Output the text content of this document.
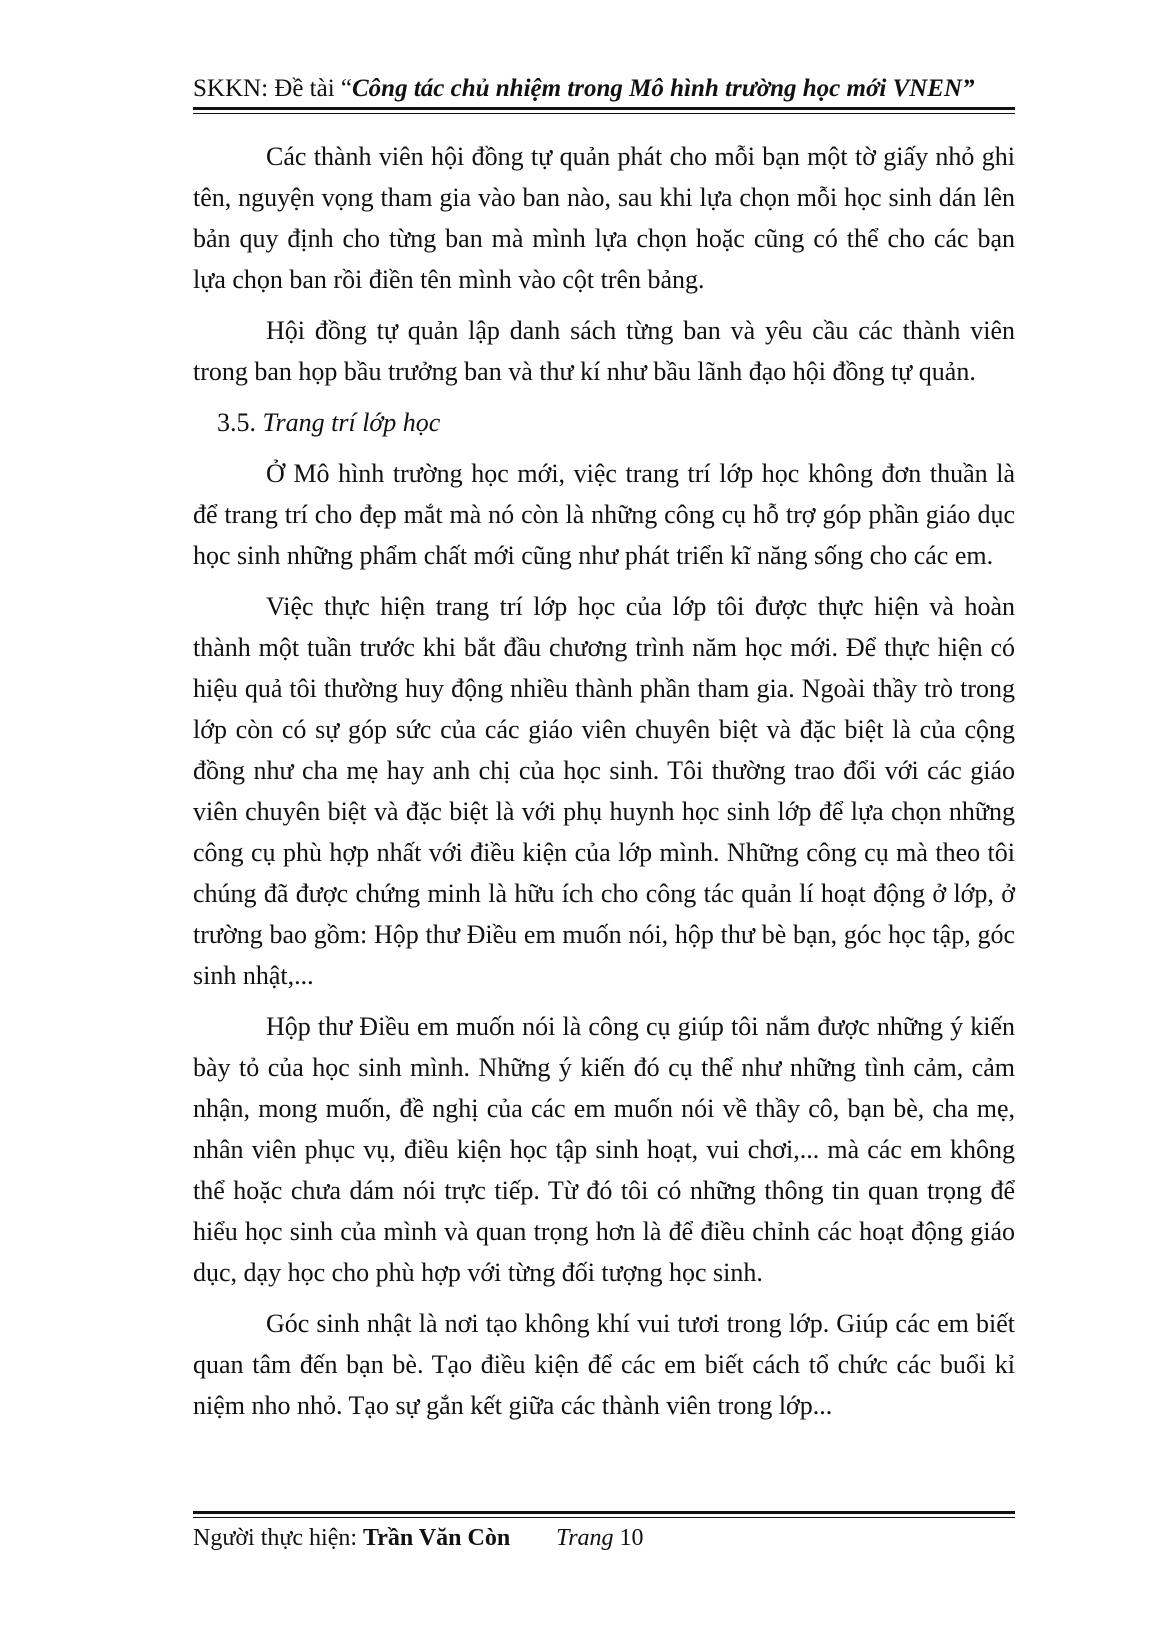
SKKN: Đề tài “Công tác chủ nhiệm trong Mô hình trường học mới VNEN”

Các thành viên hội đồng tự quản phát cho mỗi bạn một tờ giấy nhỏ ghi tên, nguyện vọng tham gia vào ban nào, sau khi lựa chọn mỗi học sinh dán lên bản quy định cho từng ban mà mình lựa chọn hoặc cũng có thể cho các bạn lựa chọn ban rồi điền tên mình vào cột trên bảng.

Hội đồng tự quản lập danh sách từng ban và yêu cầu các thành viên trong ban họp bầu trưởng ban và thư kí như bầu lãnh đạo hội đồng tự quản.

3.5. Trang trí lớp học

Ở Mô hình trường học mới, việc trang trí lớp học không đơn thuần là để trang trí cho đẹp mắt mà nó còn là những công cụ hỗ trợ góp phần giáo dục học sinh những phẩm chất mới cũng như phát triển kĩ năng sống cho các em.

Việc thực hiện trang trí lớp học của lớp tôi được thực hiện và hoàn thành một tuần trước khi bắt đầu chương trình năm học mới. Để thực hiện có hiệu quả tôi thường huy động nhiều thành phần tham gia. Ngoài thầy trò trong lớp còn có sự góp sức của các giáo viên chuyên biệt và đặc biệt là của cộng đồng như cha mẹ hay anh chị của học sinh. Tôi thường trao đổi với các giáo viên chuyên biệt và đặc biệt là với phụ huynh học sinh lớp để lựa chọn những công cụ phù hợp nhất với điều kiện của lớp mình. Những công cụ mà theo tôi chúng đã được chứng minh là hữu ích cho công tác quản lí hoạt động ở lớp, ở trường bao gồm: Hộp thư Điều em muốn nói, hộp thư bè bạn, góc học tập, góc sinh nhật,...

Hộp thư Điều em muốn nói là công cụ giúp tôi nắm được những ý kiến bày tỏ của học sinh mình. Những ý kiến đó cụ thể như những tình cảm, cảm nhận, mong muốn, đề nghị của các em muốn nói về thầy cô, bạn bè, cha mẹ, nhân viên phục vụ, điều kiện học tập sinh hoạt, vui chơi,... mà các em không thể hoặc chưa dám nói trực tiếp. Từ đó tôi có những thông tin quan trọng để hiểu học sinh của mình và quan trọng hơn là để điều chỉnh các hoạt động giáo dục, dạy học cho phù hợp với từng đối tượng học sinh.

Góc sinh nhật là nơi tạo không khí vui tươi trong lớp. Giúp các em biết quan tâm đến bạn bè. Tạo điều kiện để các em biết cách tổ chức các buổi kỉ niệm nho nhỏ. Tạo sự gắn kết giữa các thành viên trong lớp...

Người thực hiện: Trần Văn Còn Trang 10
